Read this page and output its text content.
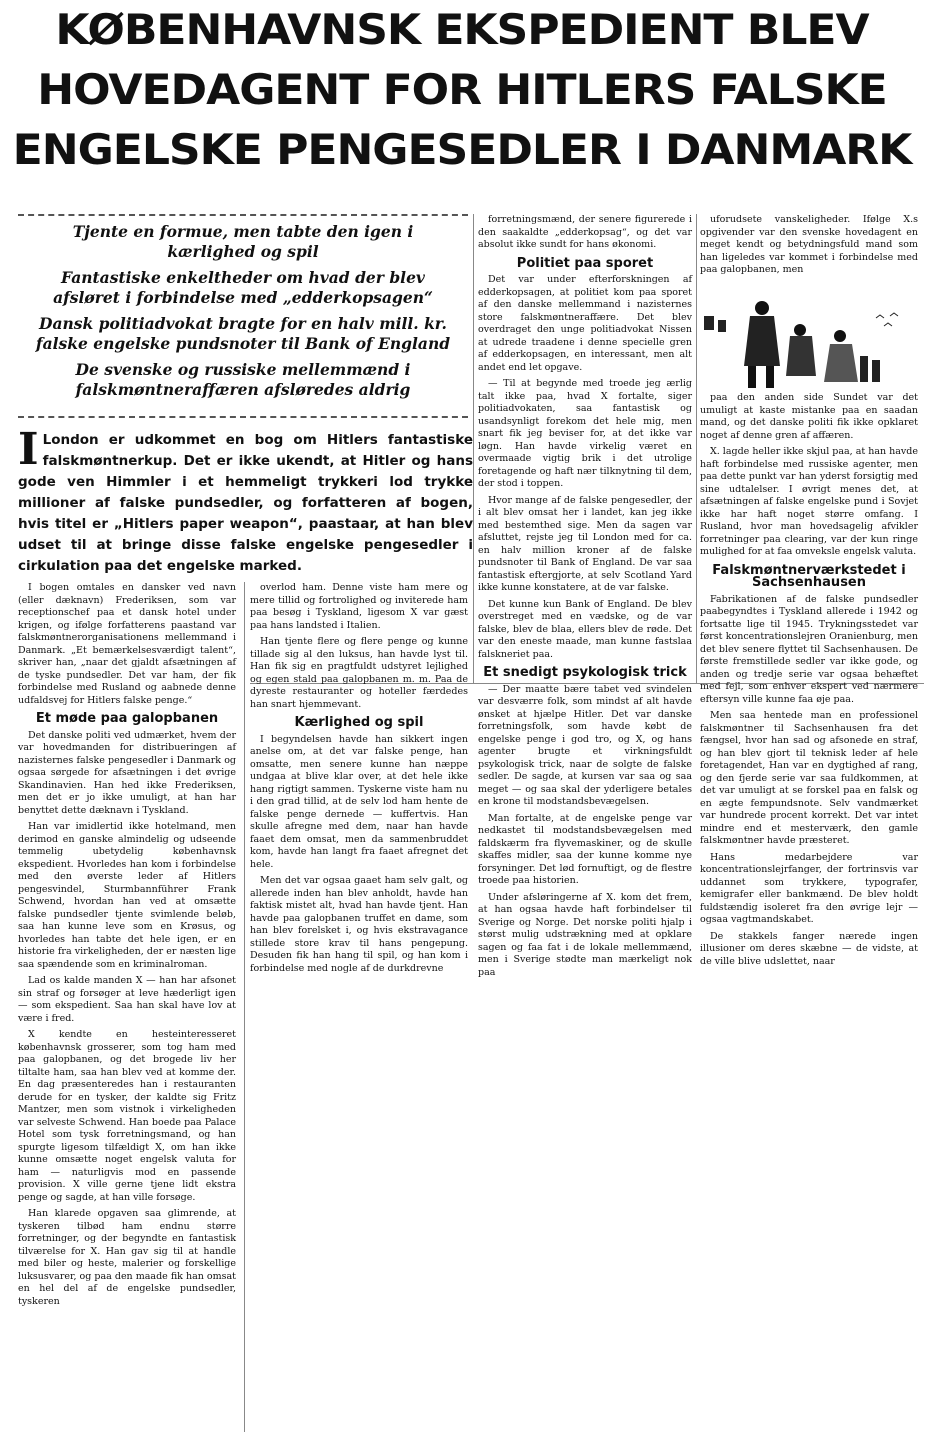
KØBENHAVNSK EKSPEDIENT BLEV
HOVEDAGENT FOR HITLERS FALSKE
ENGELSKE PENGESEDLER I DANMARK

Tjente en formue, men tabte den igen i kærlighed og spil

Fantastiske enkeltheder om hvad der blev afsløret i forbindelse med „edderkopsagen“

Dansk politiadvokat bragte for en halv mill. kr. falske engelske pundsnoter til Bank of England

De svenske og russiske mellemmænd i falskmøntneraffæren afsløredes aldrig

I London er udkommet en bog om Hitlers fantastiske falskmøntnerkup. Det er ikke ukendt, at Hitler og hans gode ven Himmler i et hemmeligt trykkeri lod trykke millioner af falske pundsedler, og forfatteren af bogen, hvis titel er „Hitlers paper weapon“, paastaar, at han blev udset til at bringe disse falske engelske pengesedler i cirkulation paa det engelske marked.

I bogen omtales en dansker ved navn (eller dæknavn) Frederiksen, som var receptionschef paa et dansk hotel under krigen, og ifølge forfatterens paastand var falskmøntnerorganisationens mellemmand i Danmark. „Et bemærkelsesværdigt talent“, skriver han, „naar det gjaldt afsætningen af de tyske pundsedler. Det var ham, der fik forbindelse med Rusland og aabnede denne udfaldsvej for Hitlers falske penge.“

Et møde paa galopbanen

Det danske politi ved udmærket, hvem der var hovedmanden for distribueringen af nazisternes falske pengesedler i Danmark og ogsaa sørgede for afsætningen i det øvrige Skandinavien. Han hed ikke Frederiksen, men det er jo ikke umuligt, at han har benyttet dette dæknavn i Tyskland.

Han var imidlertid ikke hotelmand, men derimod en ganske almindelig og udseende temmelig ubetydelig københavnsk ekspedient. Hvorledes han kom i forbindelse med den øverste leder af Hitlers pengesvindel, Sturmbannführer Frank Schwend, hvordan han ved at omsætte falske pundsedler tjente svimlende beløb, saa han kunne leve som en Krøsus, og hvorledes han tabte det hele igen, er en historie fra virkeligheden, der er næsten lige saa spændende som en kriminalroman.

Lad os kalde manden X — han har afsonet sin straf og forsøger at leve hæderligt igen — som ekspedient. Saa han skal have lov at være i fred.

X kendte en hesteinteresseret københavnsk grosserer, som tog ham med paa galopbanen, og det brogede liv her tiltalte ham, saa han blev ved at komme der. En dag præsenteredes han i restauranten derude for en tysker, der kaldte sig Fritz Mantzer, men som vistnok i virkeligheden var selveste Schwend. Han boede paa Palace Hotel som tysk forretningsmand, og han spurgte ligesom tilfældigt X, om han ikke kunne omsætte noget engelsk valuta for ham — naturligvis mod en passende provision. X ville gerne tjene lidt ekstra penge og sagde, at han ville forsøge.

Han klarede opgaven saa glimrende, at tyskeren tilbød ham endnu større forretninger, og der begyndte en fantastisk tilværelse for X. Han gav sig til at handle med biler og heste, malerier og forskellige luksusvarer, og paa den maade fik han omsat en hel del af de engelske pundsedler, tyskeren

overlod ham. Denne viste ham mere og mere tillid og fortrolighed og inviterede ham paa besøg i Tyskland, ligesom X var gæst paa hans landsted i Italien.

Han tjente flere og flere penge og kunne tillade sig al den luksus, han havde lyst til. Han fik sig en pragtfuldt udstyret lejlighed og egen stald paa galopbanen m. m. Paa de dyreste restauranter og hoteller færdedes han snart hjemmevant.

Kærlighed og spil

I begyndelsen havde han sikkert ingen anelse om, at det var falske penge, han omsatte, men senere kunne han næppe undgaa at blive klar over, at det hele ikke hang rigtigt sammen. Tyskerne viste ham nu i den grad tillid, at de selv lod ham hente de falske penge dernede — kuffertvis. Han skulle afregne med dem, naar han havde faaet dem omsat, men da sammenbruddet kom, havde han langt fra faaet afregnet det hele.

Men det var ogsaa gaaet ham selv galt, og allerede inden han blev anholdt, havde han faktisk mistet alt, hvad han havde tjent. Han havde paa galopbanen truffet en dame, som han blev forelsket i, og hvis ekstravagance stillede store krav til hans pengepung. Desuden fik han hang til spil, og han kom i forbindelse med nogle af de durkdrevne

forretningsmænd, der senere figurerede i den saakaldte „edderkopsag“, og det var absolut ikke sundt for hans økonomi.

Politiet paa sporet

Det var under efterforskningen af edderkopsagen, at politiet kom paa sporet af den danske mellemmand i nazisternes store falskmøntneraffære. Det blev overdraget den unge politiadvokat Nissen at udrede traadene i denne specielle gren af edderkopsagen, en interessant, men alt andet end let opgave.

— Til at begynde med troede jeg ærlig talt ikke paa, hvad X fortalte, siger politiadvokaten, saa fantastisk og usandsynligt forekom det hele mig, men snart fik jeg beviser for, at det ikke var løgn. Han havde virkelig været en overmaade vigtig brik i det utrolige foretagende og haft nær tilknytning til dem, der stod i toppen.

Hvor mange af de falske pengesedler, der i alt blev omsat her i landet, kan jeg ikke med bestemthed sige. Men da sagen var afsluttet, rejste jeg til London med for ca. en halv million kroner af de falske pundsnoter til Bank of England. De var saa fantastisk eftergjorte, at selv Scotland Yard ikke kunne konstatere, at de var falske.

Det kunne kun Bank of England. De blev overstreget med en vædske, og de var falske, blev de blaa, ellers blev de røde. Det var den eneste maade, man kunne fastslaa falskneriet paa.

Et snedigt psykologisk trick

— Der maatte bære tabet ved svindelen var desværre folk, som mindst af alt havde ønsket at hjælpe Hitler. Det var danske forretningsfolk, som havde købt de engelske penge i god tro, og X, og hans agenter brugte et virkningsfuldt psykologisk trick, naar de solgte de falske sedler. De sagde, at kursen var saa og saa meget — og saa skal der yderligere betales en krone til modstandsbevægelsen.

Man fortalte, at de engelske penge var nedkastet til modstandsbevægelsen med faldskærm fra flyvemaskiner, og de skulle skaffes midler, saa der kunne komme nye forsyninger. Det lød fornuftigt, og de flestre troede paa historien.

Under afsløringerne af X. kom det frem, at han ogsaa havde haft forbindelser til Sverige og Norge. Det norske politi hjalp i størst mulig udstrækning med at opklare sagen og faa fat i de lokale mellemmænd, men i Sverige stødte man mærkeligt nok paa

uforudsete vanskeligheder. Ifølge X.s opgivender var den svenske hovedagent en meget kendt og betydningsfuld mand som han ligeledes var kommet i forbindelse med paa galopbanen, men

paa den anden side Sundet var det umuligt at kaste mistanke paa en saadan mand, og det danske politi fik ikke opklaret noget af denne gren af affæren.

X. lagde heller ikke skjul paa, at han havde haft forbindelse med russiske agenter, men paa dette punkt var han yderst forsigtig med sine udtalelser. I øvrigt menes det, at afsætningen af falske engelske pund i Sovjet ikke har haft noget større omfang. I Rusland, hvor man hovedsagelig afvikler forretninger paa clearing, var der kun ringe mulighed for at faa omveksle engelsk valuta.

Falskmøntnerværkstedet i Sachsenhausen

Fabrikationen af de falske pundsedler paabegyndtes i Tyskland allerede i 1942 og fortsatte lige til 1945. Trykningsstedet var først koncentrationslejren Oranienburg, men det blev senere flyttet til Sachsenhausen. De første fremstillede sedler var ikke gode, og anden og tredje serie var ogsaa behæftet med fejl, som enhver ekspert ved nærmere eftersyn ville kunne faa øje paa.

Men saa hentede man en professionel falskmøntner til Sachsenhausen fra det fængsel, hvor han sad og afsonede en straf, og han blev gjort til teknisk leder af hele foretagendet, Han var en dygtighed af rang, og den fjerde serie var saa fuldkommen, at det var umuligt at se forskel paa en falsk og en ægte fempundsnote. Selv vandmærket var hundrede procent korrekt. Det var intet mindre end et mesterværk, den gamle falskmøntner havde præsteret.

Hans medarbejdere var koncentrationslejrfanger, der fortrinsvis var uddannet som trykkere, typografer, kemigrafer eller bankmænd. De blev holdt fuldstændig isoleret fra den øvrige lejr — ogsaa vagtmandskabet.

De stakkels fanger nærede ingen illusioner om deres skæbne — de vidste, at de ville blive udslettet, naar
